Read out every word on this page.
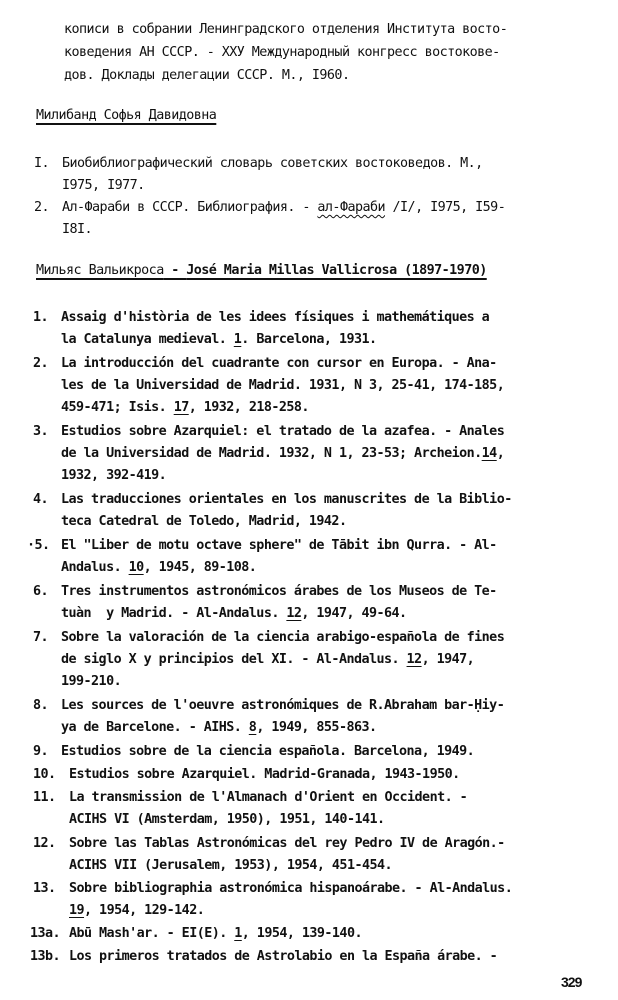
кописи в собрании Ленинградского отделения Института восто-
коведения АН СССР. - ХХУ Международный конгресс востокове-
дов. Доклады делегации СССР. М., I960.
Милибанд Софья Давидовна
I. Биобиблиографический словарь советских востоковедов. М.,
I975, I977.
2. Ал-Фараби в СССР. Библиография. - ал-Фараби /I/, I975, I59-
I8I.
Мильяс Вальикроса - José Maria Millas Vallicrosa (1897-1970)
1. Assaig d'història de les idees físiques i mathemátiques a
la Catalunya medieval. 1. Barcelona, 1931.
2. La introducción del cuadrante con cursor en Europa. - Ana-
les de la Universidad de Madrid. 1931, N 3, 25-41, 174-185,
459-471; Isis. 17, 1932, 218-258.
3. Estudios sobre Azarquiel: el tratado de la azafea. - Anales
de la Universidad de Madrid. 1932, N 1, 23-53; Archeion.14,
1932, 392-419.
4. Las traducciones orientales en los manuscrites de la Biblio-
teca Catedral de Toledo, Madrid, 1942.
·5. El "Liber de motu octave sphere" de Tābit ibn Qurra. - Al-
Andalus. 10, 1945, 89-108.
6. Tres instrumentos astronómicos árabes de los Museos de Te-
tuàn  y Madrid. - Al-Andalus. 12, 1947, 49-64.
7. Sobre la valoración de la ciencia arabigo-española de fines
de siglo X y principios del XI. - Al-Andalus. 12, 1947,
199-210.
8. Les sources de l'oeuvre astronómiques de R.Abraham bar-Ḥiy-
ya de Barcelone. - AIHS. 8, 1949, 855-863.
9. Estudios sobre de la ciencia española. Barcelona, 1949.
10. Estudios sobre Azarquiel. Madrid-Granada, 1943-1950.
11. La transmission de l'Almanach d'Orient en Occident. -
ACIHS VI (Amsterdam, 1950), 1951, 140-141.
12. Sobre las Tablas Astronómicas del rey Pedro IV de Aragón.-
ACIHS VII (Jerusalem, 1953), 1954, 451-454.
13. Sobre bibliographia astronómica hispanoárabe. - Al-Andalus.
19, 1954, 129-142.
13a. Abū Mash'ar. - EI(E). 1, 1954, 139-140.
13b. Los primeros tratados de Astrolabio en la España árabe. -
329
